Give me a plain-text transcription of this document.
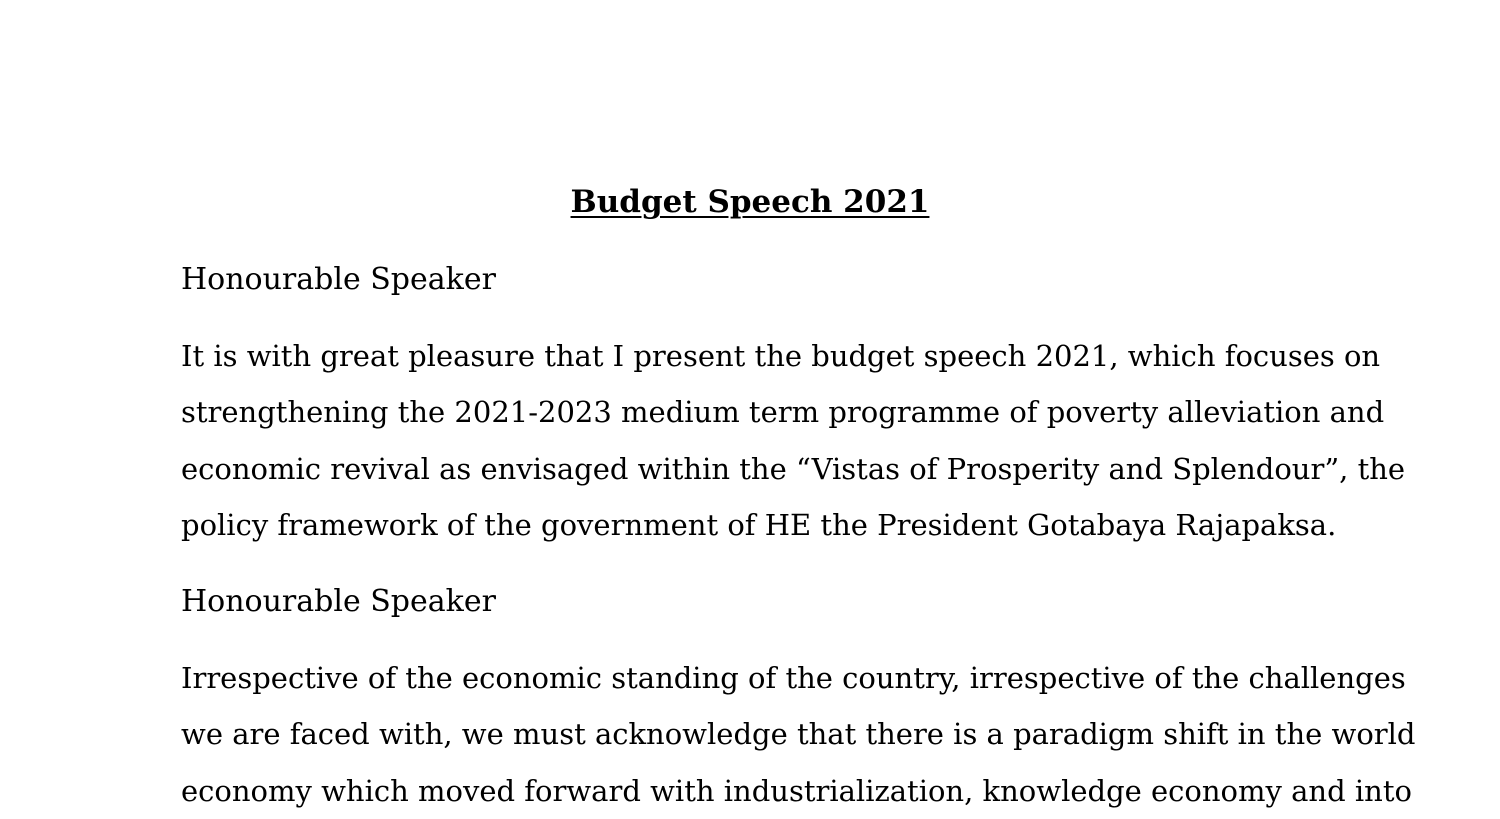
Budget Speech 2021
Honourable Speaker
It is with great pleasure that I present the budget speech 2021, which focuses on
strengthening the 2021-2023 medium term programme of poverty alleviation and
economic revival as envisaged within the “Vistas of Prosperity and Splendour”, the
policy framework of the government of HE the President Gotabaya Rajapaksa.
Honourable Speaker
Irrespective of the economic standing of the country, irrespective of the challenges
we are faced with, we must acknowledge that there is a paradigm shift in the world
economy which moved forward with industrialization, knowledge economy and into
